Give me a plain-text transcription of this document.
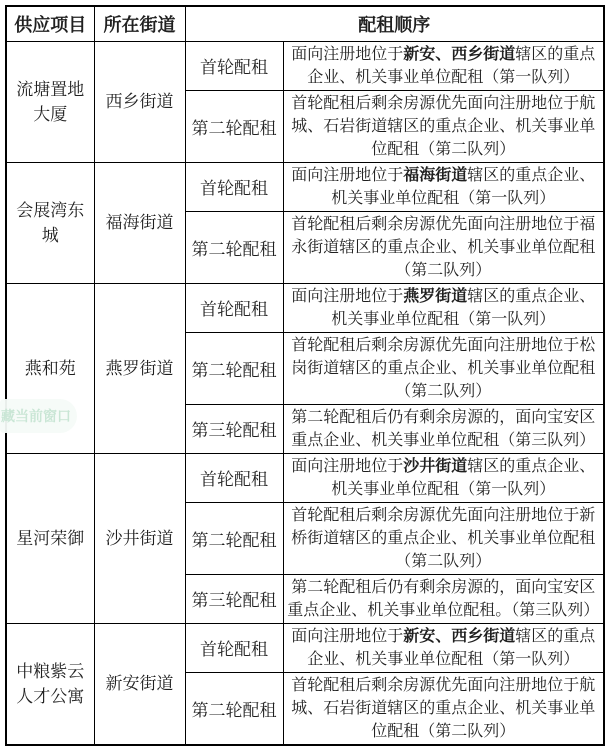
供应项目	所在街道	配租顺序	
流塘置地大厦	西乡街道	首轮配租	面向注册地位于新安、西乡街道辖区的重点企业、机关事业单位配租（第一队列）
		第二轮配租	首轮配租后剩余房源优先面向注册地位于航城、石岩街道辖区的重点企业、机关事业单位配租（第二队列）
会展湾东城	福海街道	首轮配租	面向注册地位于福海街道辖区的重点企业、机关事业单位配租（第一队列）
		第二轮配租	首轮配租后剩余房源优先面向注册地位于福永街道辖区的重点企业、机关事业单位配租（第二队列）
燕和苑	燕罗街道	首轮配租	面向注册地位于燕罗街道辖区的重点企业、机关事业单位配租（第一队列）
		第二轮配租	首轮配租后剩余房源优先面向注册地位于松岗街道辖区的重点企业、机关事业单位配租（第二队列）
		第三轮配租	第二轮配租后仍有剩余房源的，面向宝安区重点企业、机关事业单位配租（第三队列）
星河荣御	沙井街道	首轮配租	面向注册地位于沙井街道辖区的重点企业、机关事业单位配租（第一队列）
		第二轮配租	首轮配租后剩余房源优先面向注册地位于新桥街道辖区的重点企业、机关事业单位配租（第二队列）
		第三轮配租	第二轮配租后仍有剩余房源的，面向宝安区重点企业、机关事业单位配租。（第三队列）
中粮紫云人才公寓	新安街道	首轮配租	面向注册地位于新安、西乡街道辖区的重点企业、机关事业单位配租（第一队列）
		第二轮配租	首轮配租后剩余房源优先面向注册地位于航城、石岩街道辖区的重点企业、机关事业单位配租（第二队列）
藏当前窗口
